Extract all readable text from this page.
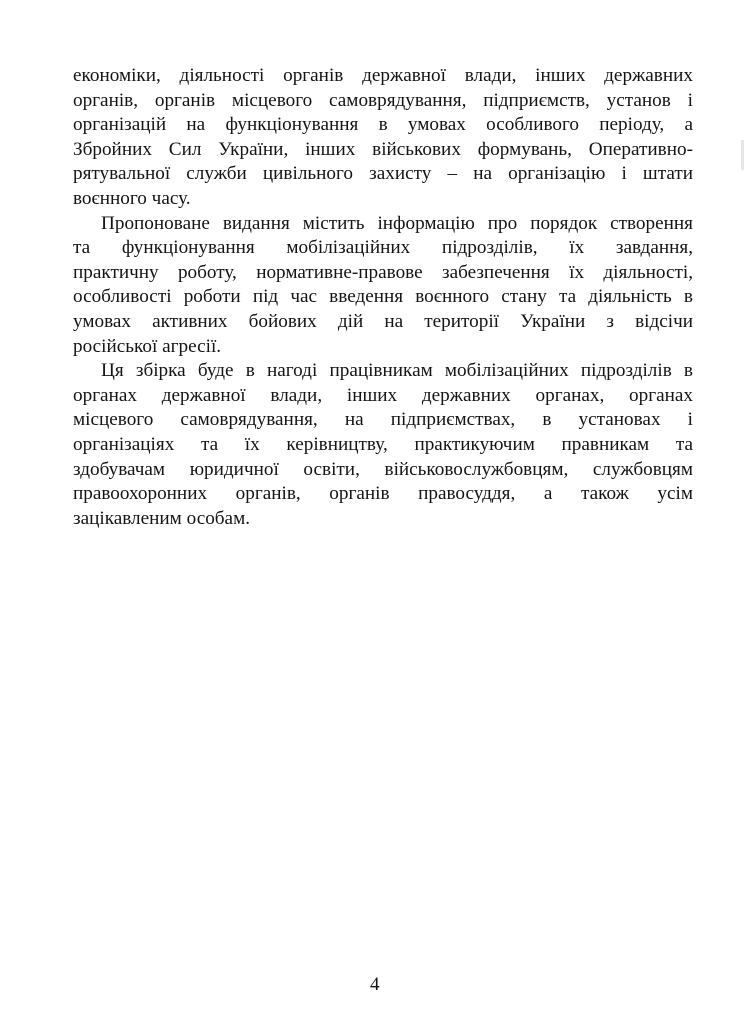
економіки, діяльності органів державної влади, інших державних
органів, органів місцевого самоврядування, підприємств, установ і
організацій на функціонування в умовах особливого періоду, а
Збройних Сил України, інших військових формувань, Оперативно-
рятувальної служби цивільного захисту – на організацію і штати
воєнного часу.
Пропоноване видання містить інформацію про порядок створення
та функціонування мобілізаційних підрозділів, їх завдання,
практичну роботу, нормативне-правове забезпечення їх діяльності,
особливості роботи під час введення воєнного стану та діяльність в
умовах активних бойових дій на території України з відсічи
російської агресії.
Ця збірка буде в нагоді працівникам мобілізаційних підрозділів в
органах державної влади, інших державних органах, органах
місцевого самоврядування, на підприємствах, в установах і
організаціях та їх керівництву, практикуючим правникам та
здобувачам юридичної освіти, військовослужбовцям, службовцям
правоохоронних органів, органів правосуддя, а також усім
зацікавленим особам.
4
